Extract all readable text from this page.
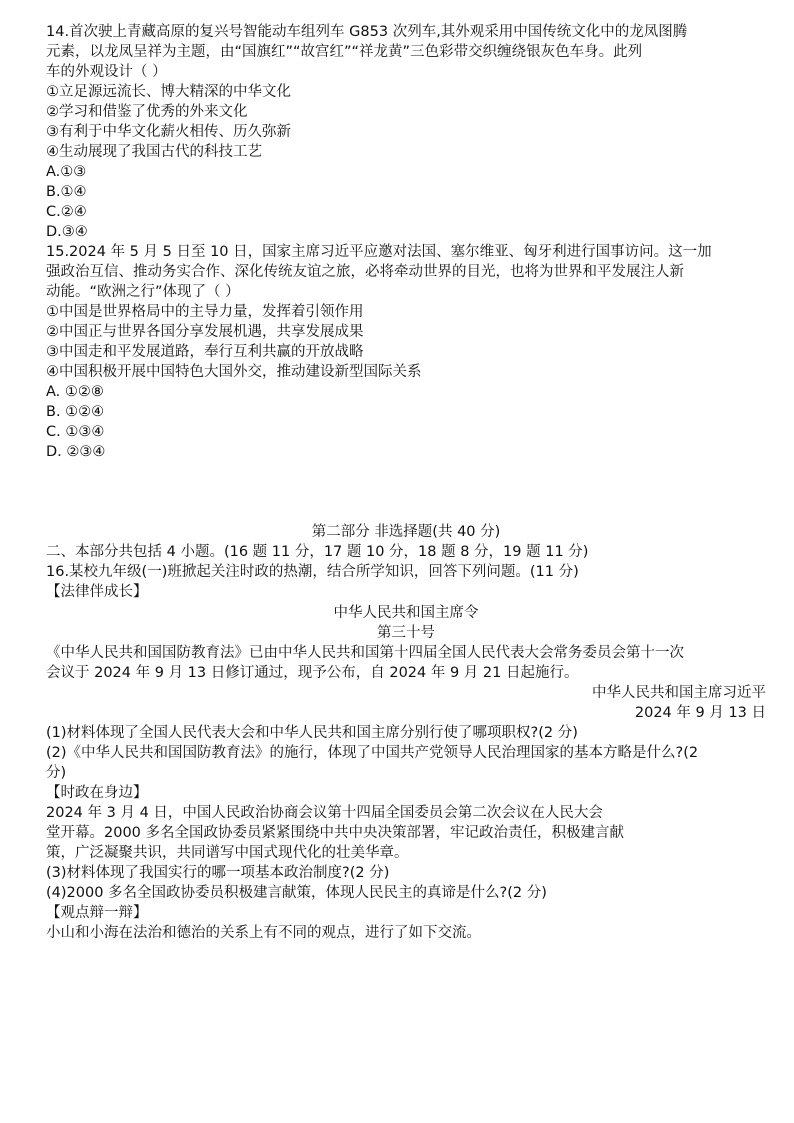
14.首次驶上青藏高原的复兴号智能动车组列车 G853 次列车,其外观采用中国传统文化中的龙凤图腾
元素，以龙凤呈祥为主题，由“国旗红”“故宫红”“祥龙黄”三色彩带交织缠绕银灰色车身。此列
车的外观设计（ ）
①立足源远流长、博大精深的中华文化
②学习和借鉴了优秀的外来文化
③有利于中华文化薪火相传、历久弥新
④生动展现了我国古代的科技工艺
A.①③
B.①④
C.②④
D.③④
15.2024 年 5 月 5 日至 10 日，国家主席习近平应邀对法国、塞尔维亚、匈牙利进行国事访问。这一加
强政治互信、推动务实合作、深化传统友谊之旅，必将牵动世界的目光，也将为世界和平发展注人新
动能。“欧洲之行”体现了（ ）
①中国是世界格局中的主导力量，发挥着引领作用
②中国正与世界各国分享发展机遇，共享发展成果
③中国走和平发展道路，奉行互利共赢的开放战略
④中国积极开展中国特色大国外交，推动建设新型国际关系
A. ①②⑧
B. ①②④
C. ①③④
D. ②③④
第二部分 非选择题(共 40 分)
二、本部分共包括 4 小题。(16 题 11 分，17 题 10 分，18 题 8 分，19 题 11 分)
16.某校九年级(一)班掀起关注时政的热潮，结合所学知识，回答下列问题。(11 分)
【法律伴成长】
中华人民共和国主席令
第三十号
《中华人民共和国国防教育法》已由中华人民共和国第十四届全国人民代表大会常务委员会第十一次
会议于 2024 年 9 月 13 日修订通过，现予公布，自 2024 年 9 月 21 日起施行。
中华人民共和国主席习近平
2024 年 9 月 13 日
(1)材料体现了全国人民代表大会和中华人民共和国主席分别行使了哪项职权?(2 分)
(2)《中华人民共和国国防教育法》的施行，体现了中国共产党领导人民治理国家的基本方略是什么?(2
分)
【时政在身边】
2024 年 3 月 4 日，中国人民政治协商会议第十四届全国委员会第二次会议在人民大会
堂开幕。2000 多名全国政协委员紧紧围绕中共中央决策部署，牢记政治责任，积极建言献
策，广泛凝聚共识，共同谱写中国式现代化的壮美华章。
(3)材料体现了我国实行的哪一项基本政治制度?(2 分)
(4)2000 多名全国政协委员积极建言献策，体现人民民主的真谛是什么?(2 分)
【观点辩一辩】
小山和小海在法治和德治的关系上有不同的观点，进行了如下交流。
